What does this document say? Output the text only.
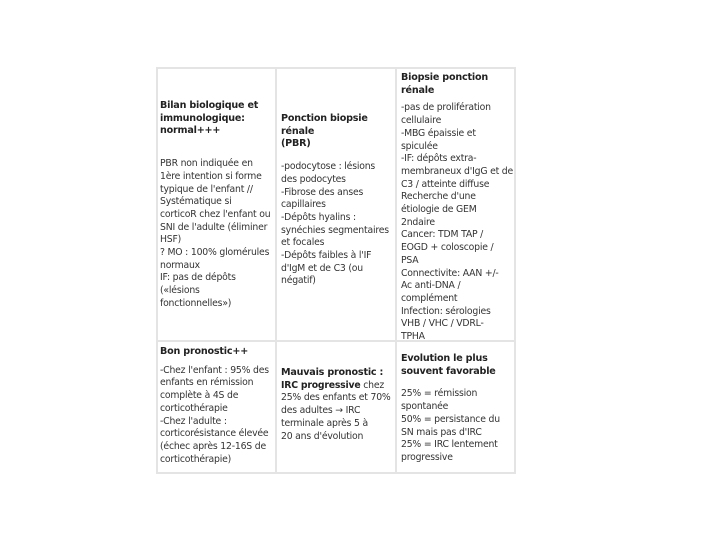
Bilan biologique et
immunologique:
normal+++
PBR non indiquée en
1ère intention si forme
typique de l'enfant //
Systématique si
corticoR chez l'enfant ou
SNI de l'adulte (éliminer
HSF)
? MO : 100% glomérules
normaux
IF: pas de dépôts
(«lésions
fonctionnelles»)
Ponction biopsie rénale
(PBR)
-podocytose : lésions
des podocytes
-Fibrose des anses
capillaires
-Dépôts hyalins :
synéchies segmentaires
et focales
-Dépôts faibles à l'IF
d'IgM et de C3 (ou
négatif)
Biopsie ponction rénale
-pas de prolifération
cellulaire
-MBG épaissie et
spiculée
-IF: dépôts extra-
membraneux d'IgG et de
C3 / atteinte diffuse
Recherche d'une
étiologie de GEM
2ndaire
Cancer: TDM TAP /
EOGD + coloscopie /
PSA
Connectivite: AAN +/-
Ac anti-DNA /
complément
Infection: sérologies
VHB / VHC / VDRL-
TPHA
Bon pronostic++
-Chez l'enfant : 95% des
enfants en rémission
complète à 4S de
corticothérapie
-Chez l'adulte :
corticorésistance élevée
(échec après 12-16S de
corticothérapie)
Mauvais pronostic :
IRC progressive chez
25% des enfants et 70%
des adultes → IRC
terminale après 5 à
20 ans d'évolution
Evolution le plus
souvent favorable
25% = rémission
spontanée
50% = persistance du
SN mais pas d'IRC
25% = IRC lentement
progressive
